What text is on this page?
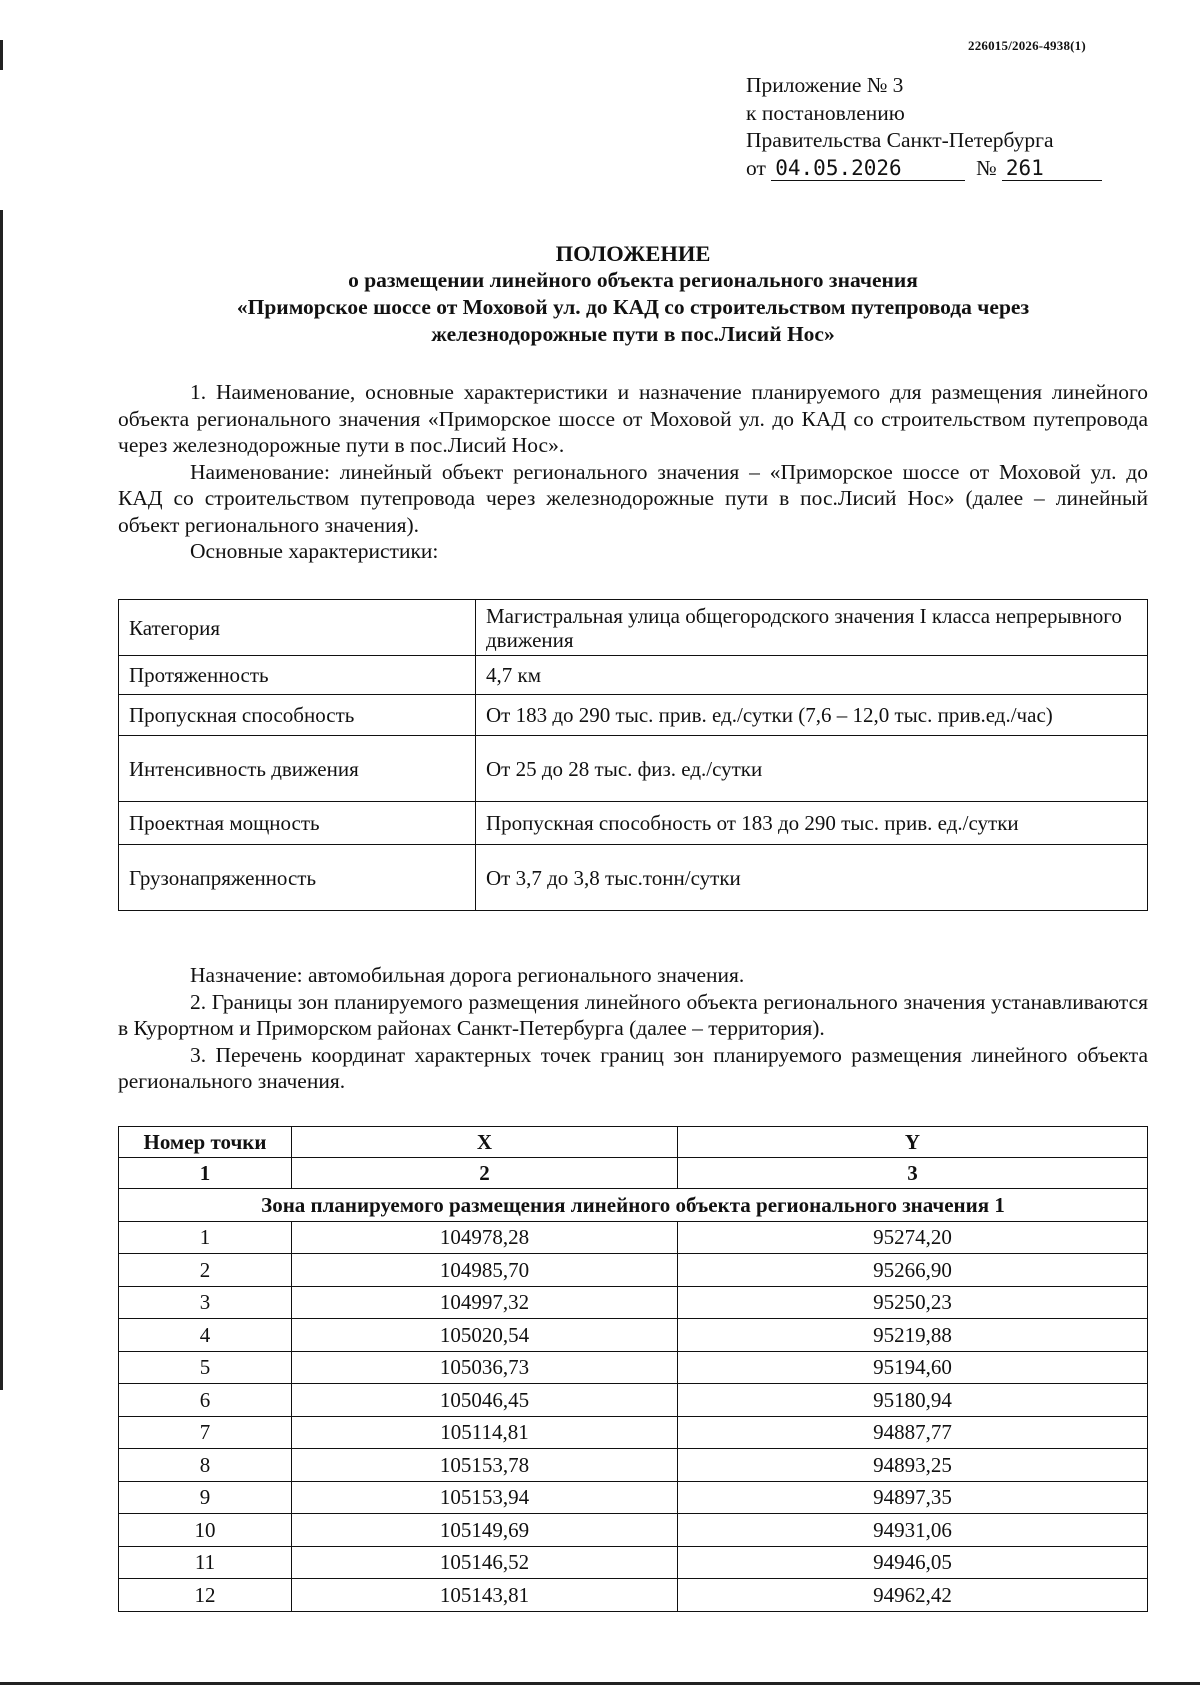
226015/2026-4938(1)
Приложение № 3
к постановлению
Правительства Санкт-Петербурга
от 04.05.2026	№ 261
ПОЛОЖЕНИЕ
о размещении линейного объекта регионального значения
«Приморское шоссе от Моховой ул. до КАД со строительством путепровода через
железнодорожные пути в пос.Лисий Нос»

1. Наименование, основные характеристики и назначение планируемого для размещения линейного объекта регионального значения «Приморское шоссе от Моховой ул. до КАД со строительством путепровода через железнодорожные пути в пос.Лисий Нос».

Наименование: линейный объект регионального значения – «Приморское шоссе от Моховой ул. до КАД со строительством путепровода через железнодорожные пути в пос.Лисий Нос» (далее – линейный объект регионального значения).

Основные характеристики:

Категория	Магистральная улица общегородского значения I класса непрерывного движения
Протяженность	4,7 км
Пропускная способность	От 183 до 290 тыс. прив. ед./сутки (7,6 – 12,0 тыс. прив.ед./час)
Интенсивность движения	От 25 до 28 тыс. физ. ед./сутки
Проектная мощность	Пропускная способность от 183 до 290 тыс. прив. ед./сутки
Грузонапряженность	От 3,7 до 3,8 тыс.тонн/сутки

Назначение: автомобильная дорога регионального значения.

2. Границы зон планируемого размещения линейного объекта регионального значения устанавливаются в Курортном и Приморском районах Санкт-Петербурга (далее – территория).

3. Перечень координат характерных точек границ зон планируемого размещения линейного объекта регионального значения.

Номер точки	X	Y
1	2	3
Зона планируемого размещения линейного объекта регионального значения 1		
1	104978,28	95274,20
2	104985,70	95266,90
3	104997,32	95250,23
4	105020,54	95219,88
5	105036,73	95194,60
6	105046,45	95180,94
7	105114,81	94887,77
8	105153,78	94893,25
9	105153,94	94897,35
10	105149,69	94931,06
11	105146,52	94946,05
12	105143,81	94962,42
